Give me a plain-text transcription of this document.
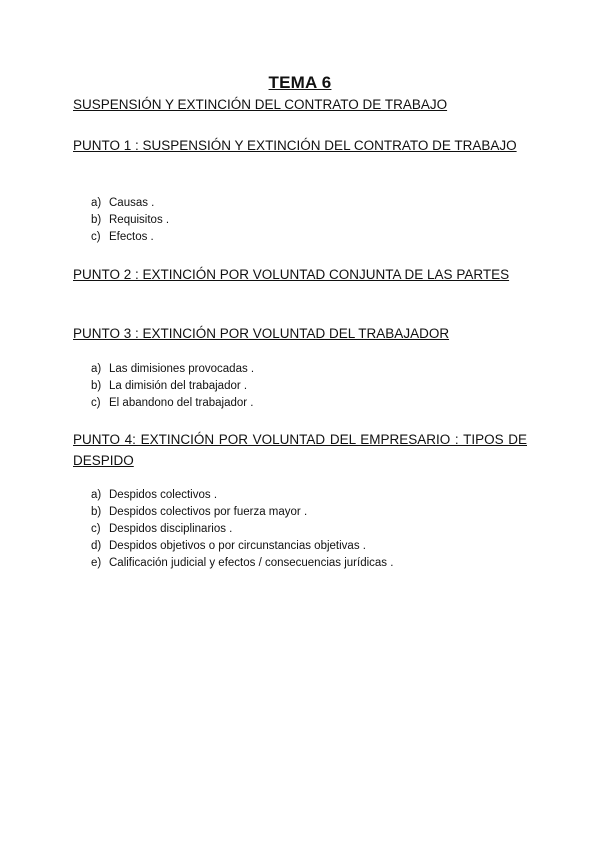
TEMA 6
SUSPENSIÓN Y EXTINCIÓN DEL CONTRATO DE TRABAJO
PUNTO 1 : SUSPENSIÓN Y EXTINCIÓN DEL CONTRATO DE TRABAJO
a) Causas .
b) Requisitos .
c) Efectos .
PUNTO 2 : EXTINCIÓN POR VOLUNTAD CONJUNTA DE LAS PARTES
PUNTO 3 : EXTINCIÓN POR VOLUNTAD DEL TRABAJADOR
a) Las dimisiones provocadas .
b) La dimisión del trabajador .
c) El abandono del trabajador .
PUNTO 4: EXTINCIÓN POR VOLUNTAD DEL EMPRESARIO : TIPOS DE DESPIDO
a) Despidos colectivos .
b) Despidos colectivos por fuerza mayor .
c) Despidos disciplinarios .
d) Despidos objetivos o por circunstancias objetivas .
e) Calificación judicial y efectos / consecuencias jurídicas .
